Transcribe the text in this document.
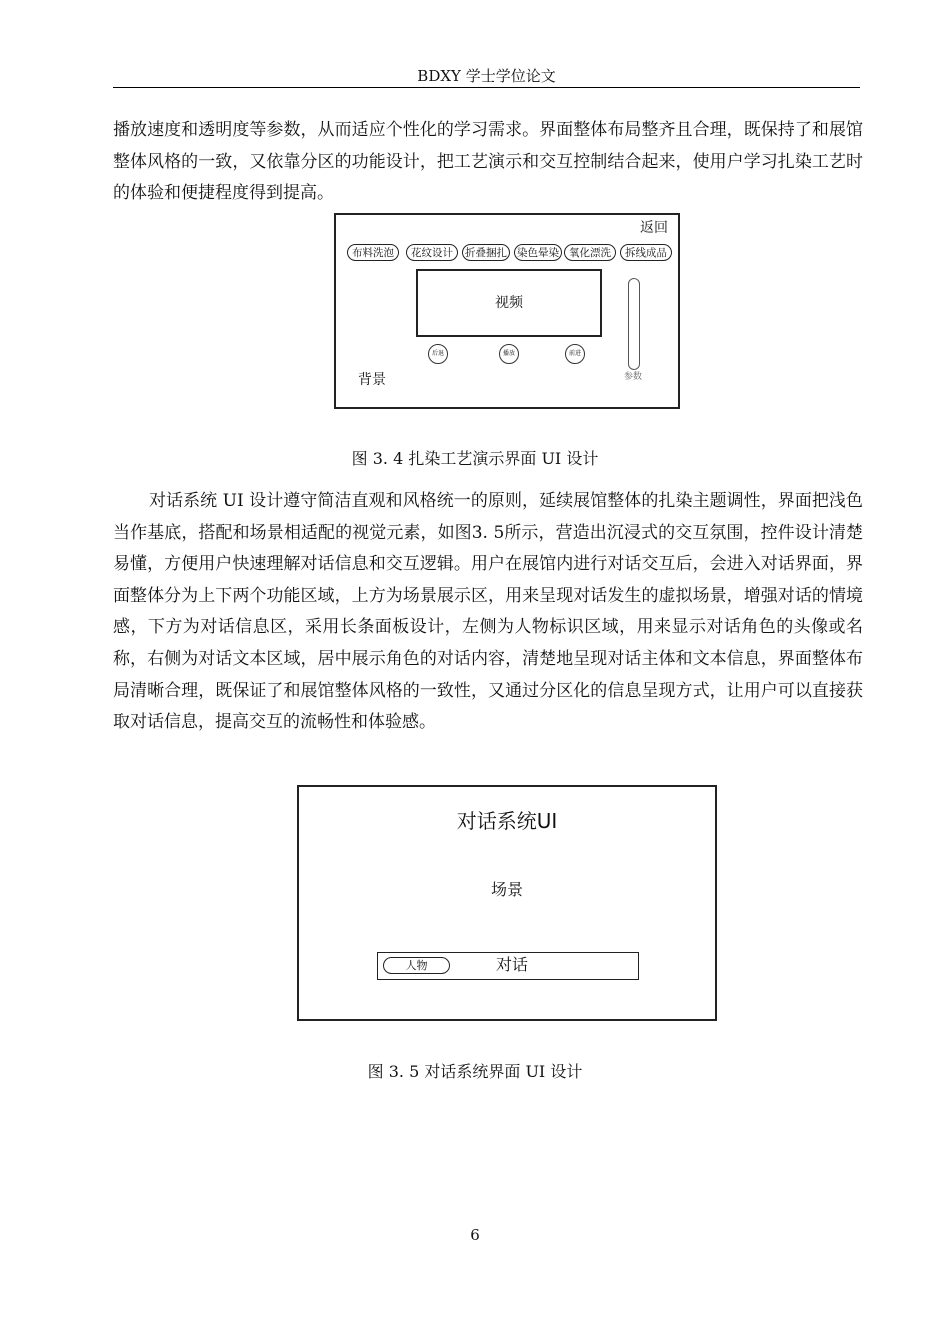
BDXY 学士学位论文

播放速度和透明度等参数，从而适应个性化的学习需求。界面整体布局整齐且合理，既保持了和展馆整体风格的一致，又依靠分区的功能设计，把工艺演示和交互控制结合起来，使用户学习扎染工艺时的体验和便捷程度得到提高。

返回
布料洗泡	花纹设计	折叠捆扎 染色晕染 氧化漂洗	拆线成品
视频
后退	播放	前进
参数
背景
图 3. 4 扎染工艺演示界面 UI 设计

对话系统 UI 设计遵守简洁直观和风格统一的原则，延续展馆整体的扎染主题调性，界面把浅色当作基底，搭配和场景相适配的视觉元素，如图3. 5所示，营造出沉浸式的交互氛围，控件设计清楚易懂，方便用户快速理解对话信息和交互逻辑。用户在展馆内进行对话交互后，会进入对话界面，界面整体分为上下两个功能区域，上方为场景展示区，用来呈现对话发生的虚拟场景，增强对话的情境感，下方为对话信息区，采用长条面板设计，左侧为人物标识区域，用来显示对话角色的头像或名称，右侧为对话文本区域，居中展示角色的对话内容，清楚地呈现对话主体和文本信息，界面整体布局清晰合理，既保证了和展馆整体风格的一致性，又通过分区化的信息呈现方式，让用户可以直接获取对话信息，提高交互的流畅性和体验感。

对话系统UI
场景
人物	对话
图 3. 5 对话系统界面 UI 设计
6
